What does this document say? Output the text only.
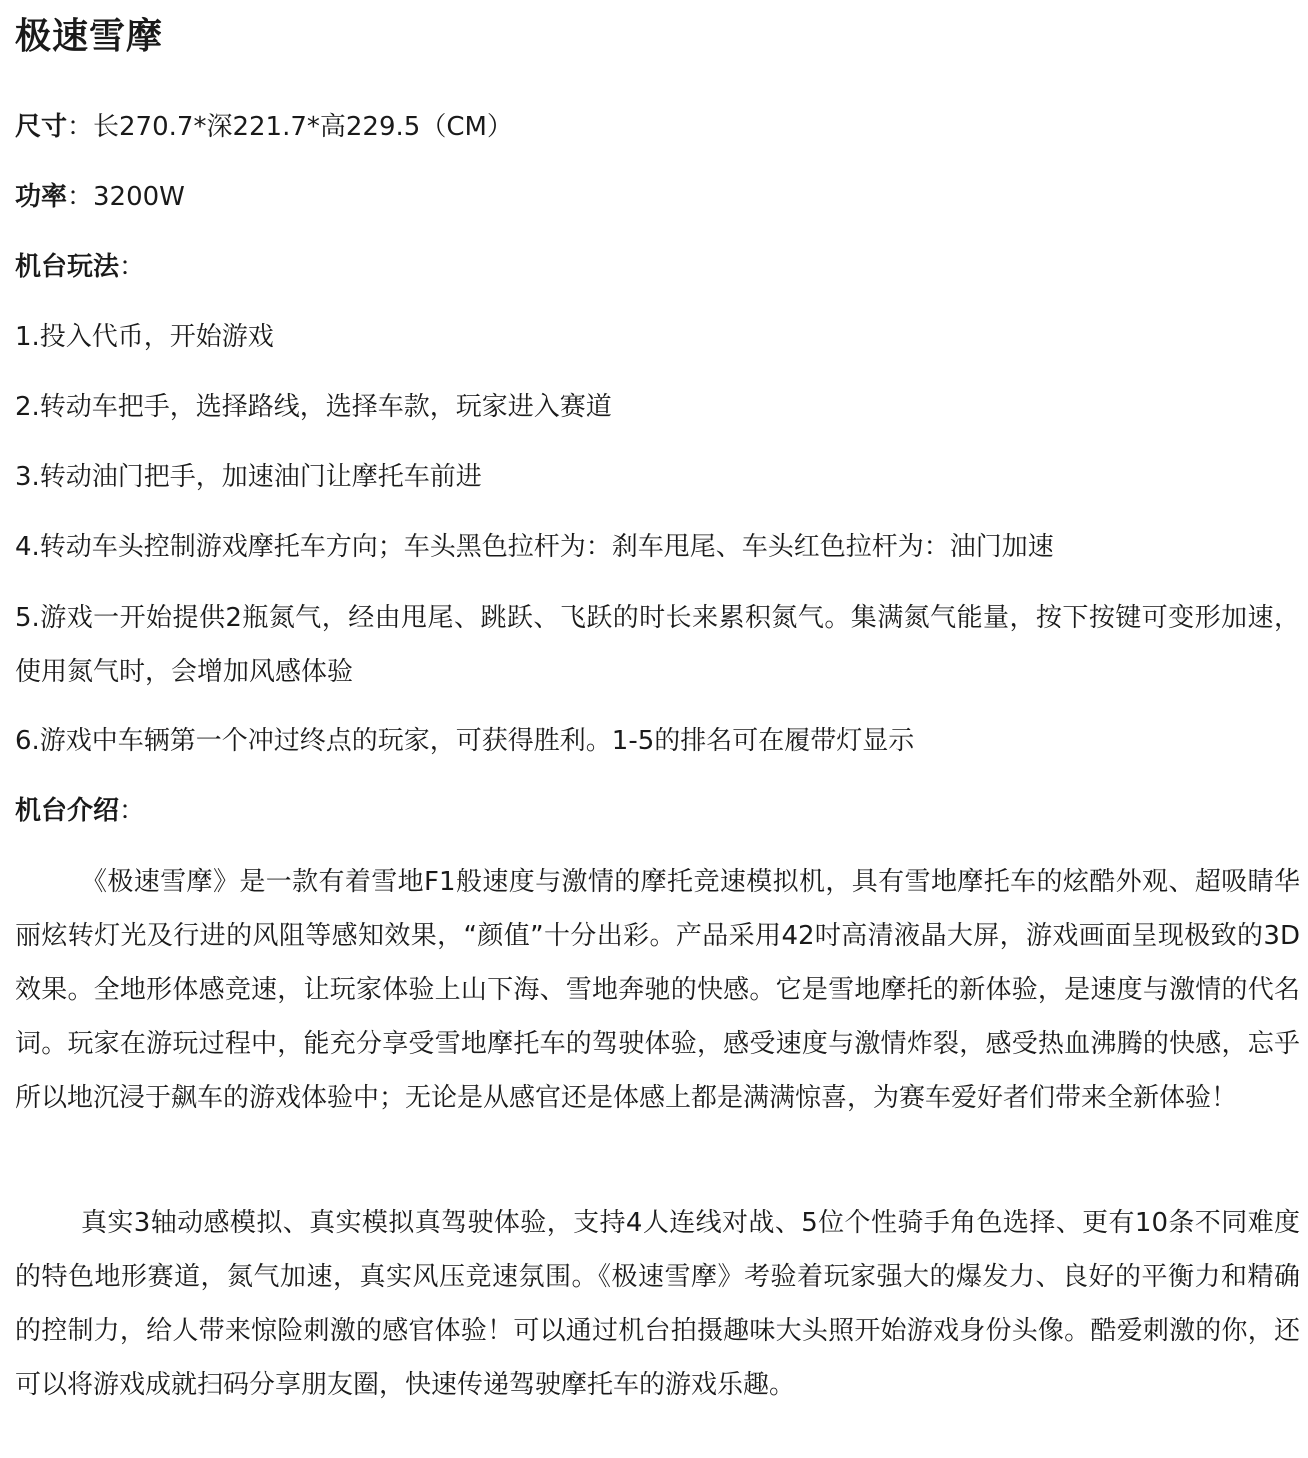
极速雪摩

尺寸：长270.7*深221.7*高229.5（CM）

功率：3200W

机台玩法：

1.投入代币，开始游戏

2.转动车把手，选择路线，选择车款，玩家进入赛道

3.转动油门把手，加速油门让摩托车前进

4.转动车头控制游戏摩托车方向；车头黑色拉杆为：刹车甩尾、车头红色拉杆为：油门加速

5.游戏一开始提供2瓶氮气，经由甩尾、跳跃、飞跃的时长来累积氮气。集满氮气能量，按下按键可变形加速，使用氮气时，会增加风感体验

6.游戏中车辆第一个冲过终点的玩家，可获得胜利。1-5的排名可在履带灯显示

机台介绍：

《极速雪摩》是一款有着雪地F1般速度与激情的摩托竞速模拟机，具有雪地摩托车的炫酷外观、超吸睛华丽炫转灯光及行进的风阻等感知效果，“颜值”十分出彩。产品采用42吋高清液晶大屏，游戏画面呈现极致的3D效果。全地形体感竞速，让玩家体验上山下海、雪地奔驰的快感。它是雪地摩托的新体验，是速度与激情的代名词。玩家在游玩过程中，能充分享受雪地摩托车的驾驶体验，感受速度与激情炸裂，感受热血沸腾的快感，忘乎所以地沉浸于飙车的游戏体验中；无论是从感官还是体感上都是满满惊喜，为赛车爱好者们带来全新体验！

真实3轴动感模拟、真实模拟真驾驶体验，支持4人连线对战、5位个性骑手角色选择、更有10条不同难度的特色地形赛道，氮气加速，真实风压竞速氛围。《极速雪摩》考验着玩家强大的爆发力、良好的平衡力和精确的控制力，给人带来惊险刺激的感官体验！可以通过机台拍摄趣味大头照开始游戏身份头像。酷爱刺激的你，还可以将游戏成就扫码分享朋友圈，快速传递驾驶摩托车的游戏乐趣。
